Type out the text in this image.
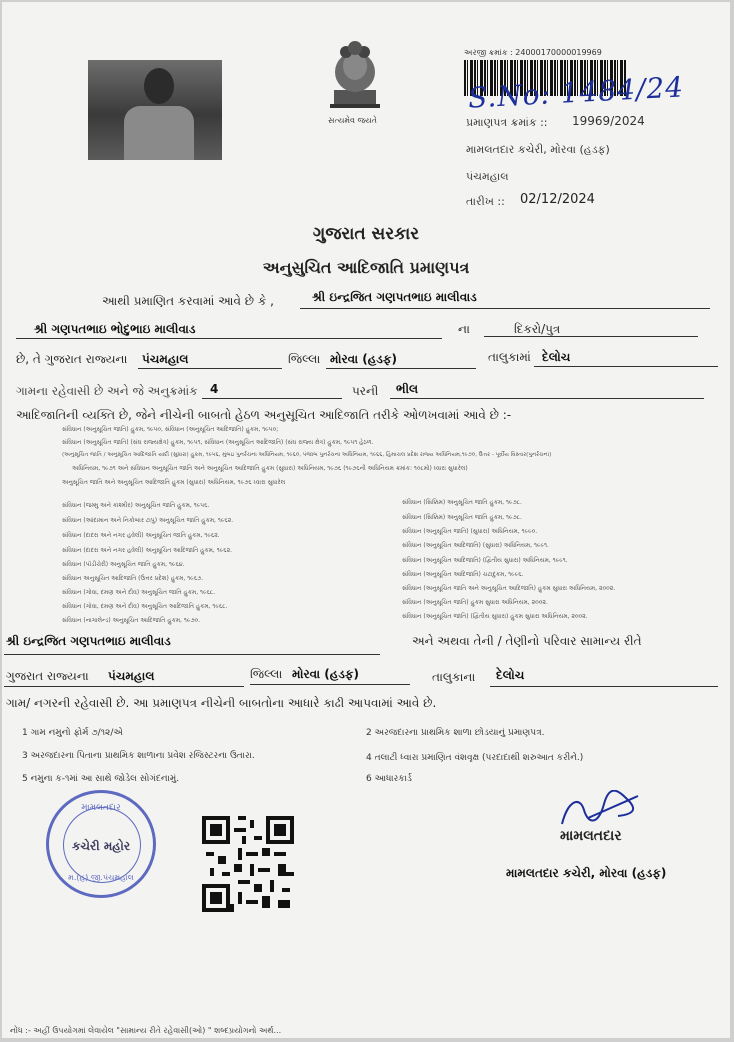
સત્યમેવ જયતે
અરજી ક્રમાંક : 24000170000019969
S.No: 1484/24
પ્રમાણપત્ર ક્રમાંક :: 19969/2024
મામલતદાર કચેરી, મોરવા (હડફ)
પંચમહાલ
તારીખ :: 02/12/2024
ગુજરાત સરકાર
અનુસુચિત આદિજાતિ પ્રમાણપત્ર
આથી પ્રમાણિત કરવામાં આવે છે કે ,	શ્રી ઇન્દ્રજિત ગણપતભાઇ માલીવાડ
શ્રી ગણપતભાઇ ભોદુભાઇ માલીવાડ	ના	દિકરો/પુત્ર
છે, તે ગુજરાત રાજ્યના પંચમહાલ	જિલ્લા મોરવા (હડફ)	તાલુકામાં દેલોચ
ગામના રહેવાસી છે અને જે અનુક્રમાંક 4	પરની ભીલ
આદિજાતિની વ્યક્તિ છે, જેને નીચેની બાબતો હેઠળ અનુસૂચિત આદિજાતિ તરીકે ઓળખવામાં આવે છે :-
સંવિધાન (અનુસૂચિત જાતિ) હુકમ, ૧૯૫૦, સંવિધાન (અનુસૂચિત આદિજાતિ) હુકમ, ૧૯૫૦;
સંવિધાન (અનુસૂચિત જાતિ) (સંઘ રાજ્યક્ષેત્ર) હુકમ, ૧૯૫૧, સંવિધાન (અનુસૂચિત આદિજાતિ) (સંઘ રાજ્ય ક્ષેત્ર) હુકમ, ૧૯૫૧ હેઠળ.
(અનુસૂચિત જાતિ / અનુસૂચિત આદિજાતિ યાદી (સુધારા) હુકમ, ૧૯૫૬, મુંબઇ પુનર્રચના અધિનિયમ, ૧૯૬૦, પંજાબ પુનર્રચના અધિનિયમ, ૧૯૬૬, હિમાચલ પ્રદેશ રાજ્ય અધિનિયમ,૧૯૭૦, ઉત્તર - પૂર્વીય વિસ્તાર(પુનર્રચના)
અધિનિયમ, ૧૯૭૧ અને સંવિધાન અનુસૂચિત જાતિ અને અનુસૂચિત આદિજાતિ હુકમ (સુધારા) અધિનિયમ, ૧૯૭૬ (૧૯૭૬ની અધિનિયમ ક્રમાંક: ૧૦૮મો) ધ્વારા સુધારેલ)
અનુસૂચિત જાતિ અને અનુસૂચિત આદિજાતિ હુકમ (સુધારા) અધિનિયમ, ૧૯૭૬ ધ્વારા સુધારેલ
સંવિધાન (જમ્મુ અને કાશ્મીર) અનુસૂચિત જાતિ હુકમ, ૧૯૫૬.
સંવિધાન (આંદામાન અને નિકોબાર ટાપુ) અનુસૂચિત જાતિ હુકમ, ૧૯૬૨.
સંવિધાન (દાદરા અને નગર હવેલી) અનુસૂચિત જાતિ હુકમ, ૧૯૬૨.
સંવિધાન (દાદરા અને નગર હવેલી) અનુસૂચિત આદિજાતિ હુકમ, ૧૯૬૨.
સંવિધાન (પૉંડીચેરી) અનુસૂચિત જાતિ હુકમ, ૧૯૬૪.
સંવિધાન અનુસૂચિત આદિજાતિ (ઉત્તર પ્રદેશ) હુકમ, ૧૯૬૭.
સંવિધાન (ગોવા, દમણ અને દીવ) અનુસૂચિત જાતિ હુકમ, ૧૯૬૮.
સંવિધાન (ગોવા, દમણ અને દીવ) અનુસૂચિત આદિજાતિ હુકમ, ૧૯૬૮.
સંવિધાન (નાગાલેન્ડ) અનુસૂચિત આદિજાતિ હુકમ, ૧૯૭૦.
સંવિધાન (સિક્કિમ) અનુસૂચિત જાતિ હુકમ, ૧૯૭૮.
સંવિધાન (સિક્કિમ) અનુસૂચિત જાતિ હુકમ, ૧૯૭૮.
સંવિધાન (અનુસૂચિત જાતિ) (સુધારા) અધિનિયમ, ૧૯૯૦.
સંવિધાન (અનુસૂચિત આદિજાતિ) (સુધારા) અધિનિયમ, ૧૯૯૧.
સંવિધાન (અનુસૂચિત આદિજાતિ) (દ્વિતીય સુધારા) અધિનિયમ, ૧૯૯૧.
સંવિધાન (અનુસૂચિત આદિજાતિ) ચટાદુકમ, ૧૯૯૬.
સંવિધાન (અનુસૂચિત જાતિ અને અનુસૂચિત આદિજાતિ) હુકમ સુધારા અધિનિયમ, ૨૦૦૨.
સંવિધાન (અનુસૂચિત જાતિ) હુકમ સુધારા અધિનિયમ, ૨૦૦૨.
સંવિધાન (અનુસૂચિત જાતિ) (દ્વિતીય સુધારા) હુકમ સુધારા અધિનિયમ, ૨૦૦૨.
શ્રી ઇન્દ્રજિત ગણપતભાઇ માલીવાડ	અને અથવા તેની / તેણીનો પરિવાર સામાન્ય રીતે
ગુજરાત રાજ્યના પંચમહાલ	જિલ્લા મોરવા (હડફ)	તાલુકાના દેલોચ
ગામ/ નગરની રહેવાસી છે. આ પ્રમાણપત્ર નીચેની બાબતોના આધારે કાઢી આપવામાં આવે છે.
1 ગામ નમુનો ફોર્મ ૭/૧૨/એ	2 અરજદારના પ્રાથમિક શાળા છોડયાનું પ્રમાણપત્ર.
3 અરજદારના પિતાના પ્રાથમિક શાળાના પ્રવેશ રજિસ્ટરના ઉતારા.	4 તલાટી ધ્વારા પ્રમાણિત વંશવૃક્ષ (પરદાદાથી શરુઆત કરીને.)
5 નમુના ક-૧માં આ સાથે જોડેલ સોગંદનામું.	6 આધારકાર્ડ
મામલતદાર
કચેરી મહોર
મ.(હ) જી.પંચમહાલ
મામલતદાર
મામલતદાર કચેરી, મોરવા (હડફ)
નોંધ :- અહીં ઉપયોગમાં લેવાયેલ "સામાન્ય રીતે રહેવાસી(ઓ) " શબ્દપ્રયોગનો અર્થ...
